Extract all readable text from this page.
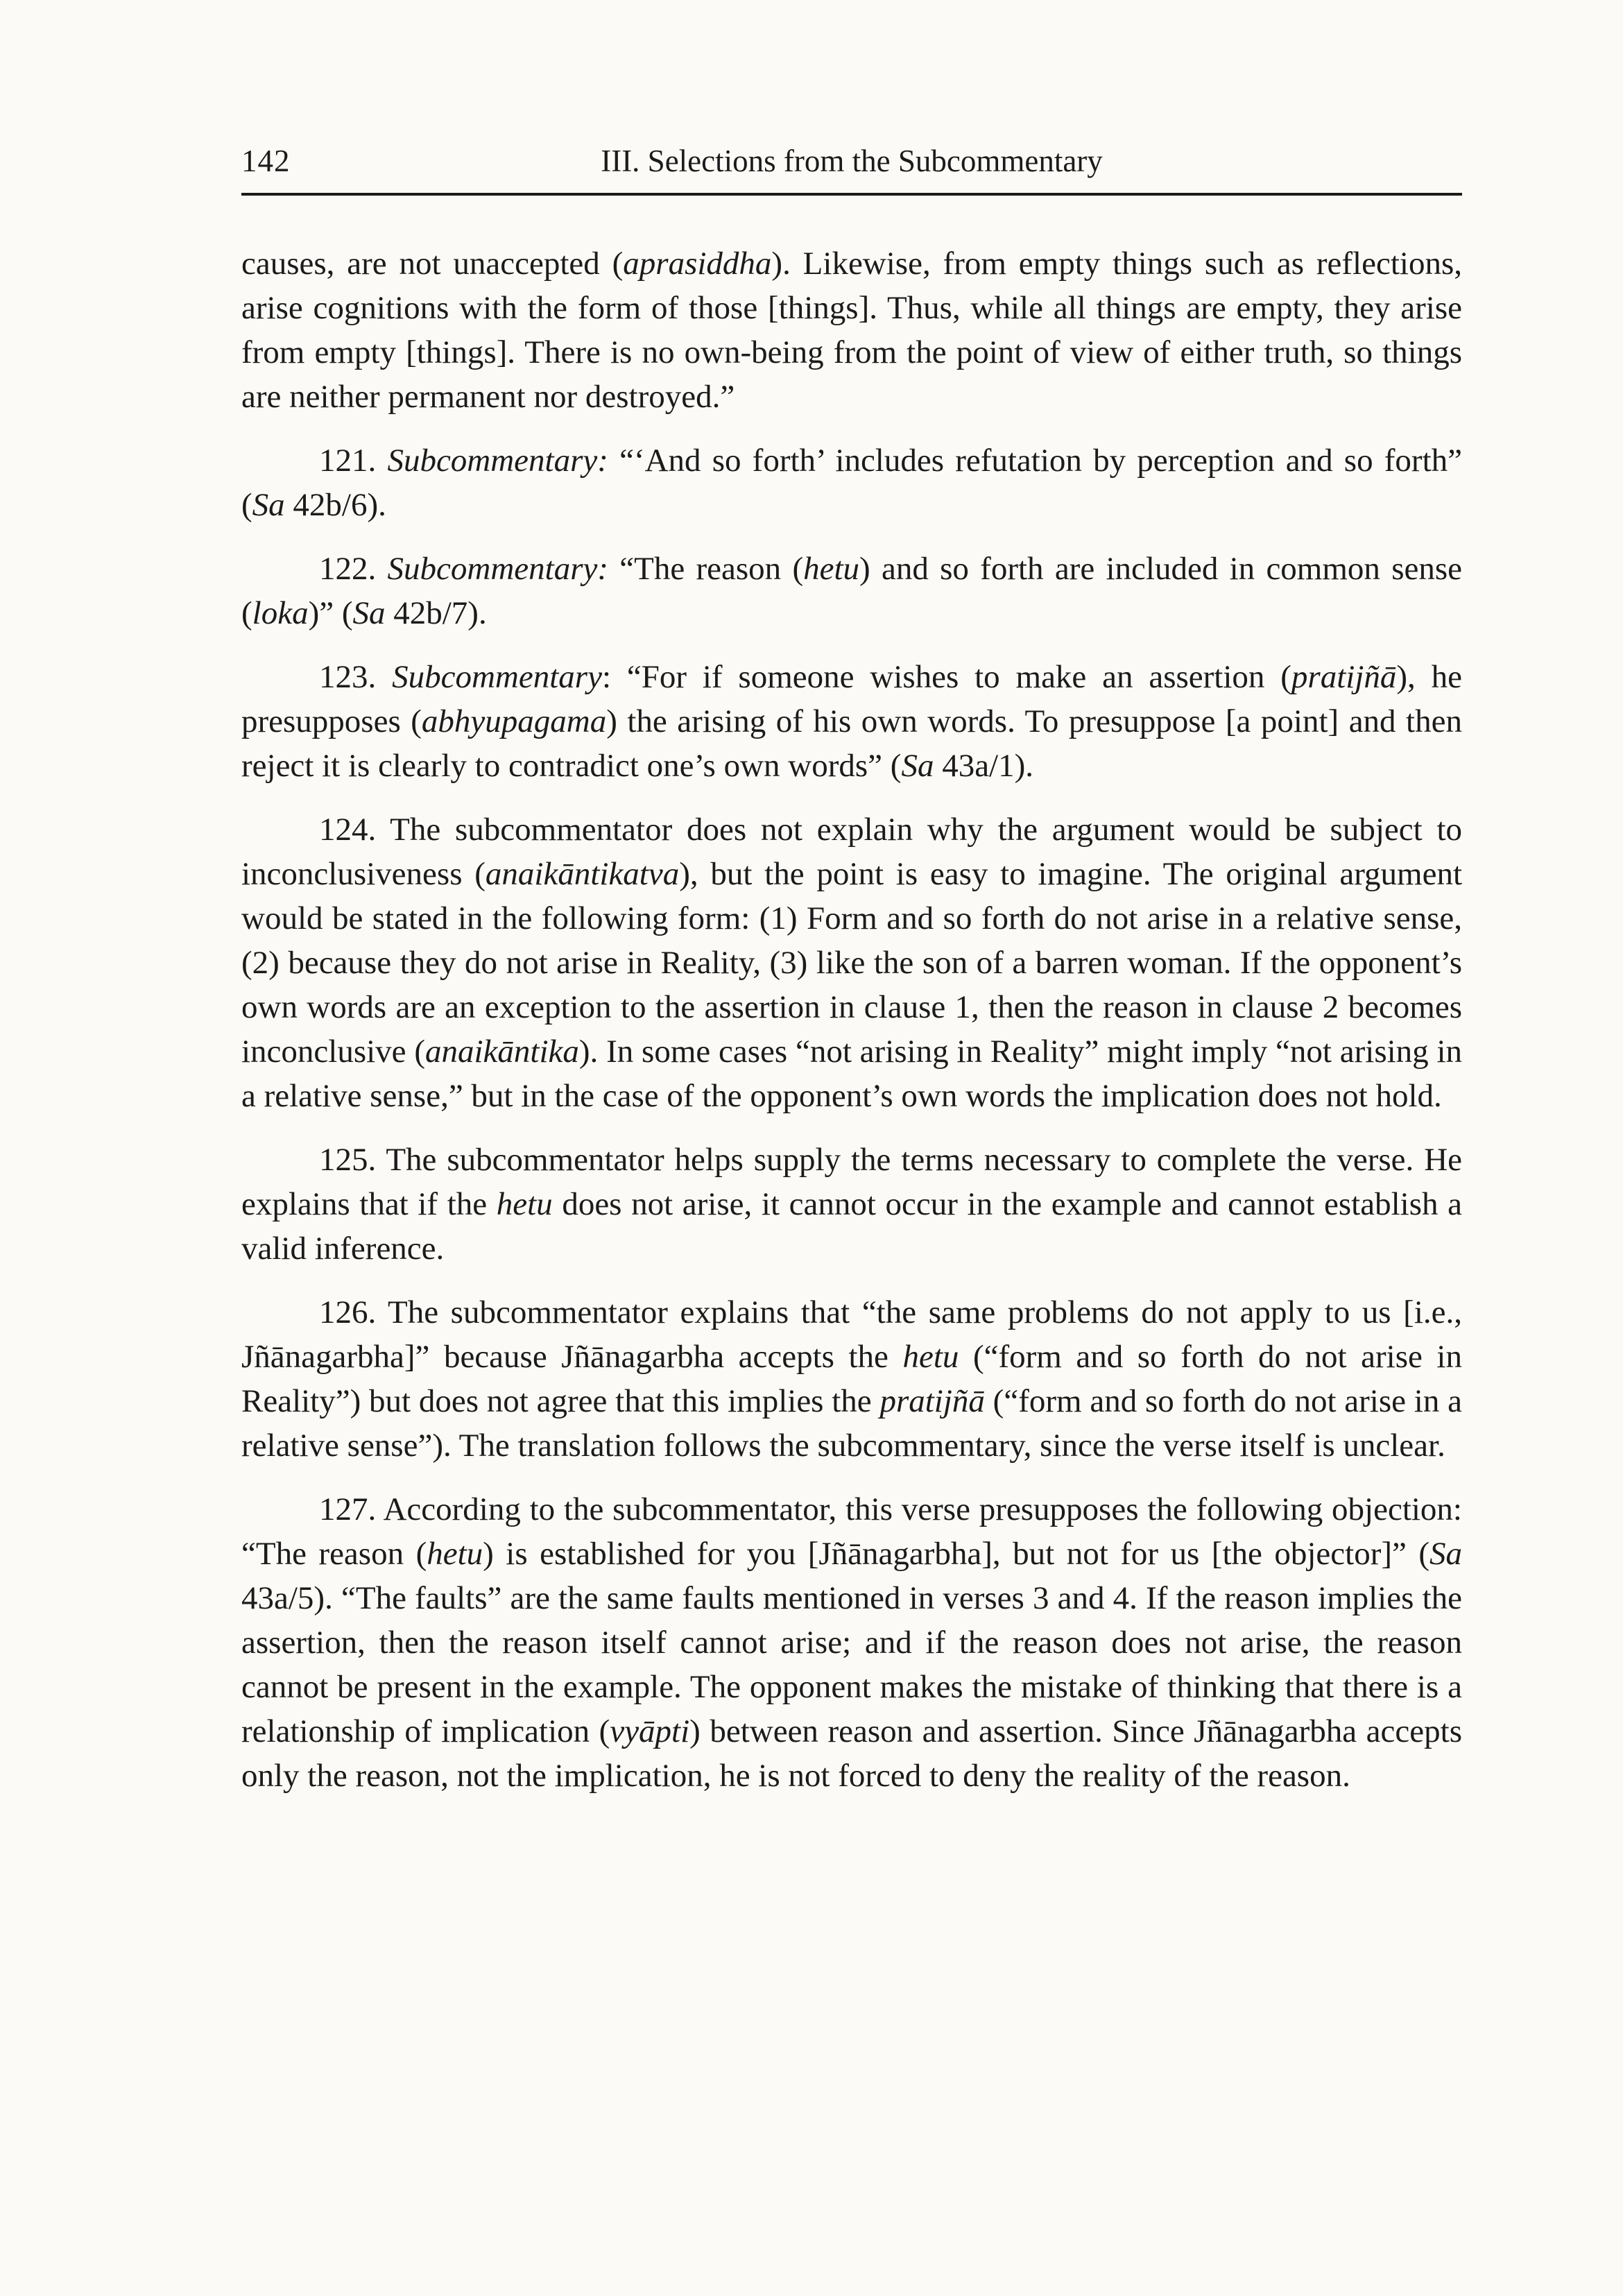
142	III. Selections from the Subcommentary

causes, are not unaccepted (aprasiddha). Likewise, from empty things such as reflections, arise cognitions with the form of those [things]. Thus, while all things are empty, they arise from empty [things]. There is no own-being from the point of view of either truth, so things are neither permanent nor destroyed.”

121. Subcommentary: “‘And so forth’ includes refutation by perception and so forth” (Sa 42b/6).

122. Subcommentary: “The reason (hetu) and so forth are included in common sense (loka)” (Sa 42b/7).

123. Subcommentary: “For if someone wishes to make an assertion (pratijñā), he presupposes (abhyupagama) the arising of his own words. To presuppose [a point] and then reject it is clearly to contradict one’s own words” (Sa 43a/1).

124. The subcommentator does not explain why the argument would be subject to inconclusiveness (anaikāntikatva), but the point is easy to imagine. The original argument would be stated in the following form: (1) Form and so forth do not arise in a relative sense, (2) because they do not arise in Reality, (3) like the son of a barren woman. If the opponent’s own words are an exception to the assertion in clause 1, then the reason in clause 2 becomes inconclusive (anaikāntika). In some cases “not arising in Reality” might imply “not arising in a relative sense,” but in the case of the opponent’s own words the implication does not hold.

125. The subcommentator helps supply the terms necessary to complete the verse. He explains that if the hetu does not arise, it cannot occur in the example and cannot establish a valid inference.

126. The subcommentator explains that “the same problems do not apply to us [i.e., Jñānagarbha]” because Jñānagarbha accepts the hetu (“form and so forth do not arise in Reality”) but does not agree that this implies the pratijñā (“form and so forth do not arise in a relative sense”). The translation follows the subcommentary, since the verse itself is unclear.

127. According to the subcommentator, this verse presupposes the following objection: “The reason (hetu) is established for you [Jñānagarbha], but not for us [the objector]” (Sa 43a/5). “The faults” are the same faults mentioned in verses 3 and 4. If the reason implies the assertion, then the reason itself cannot arise; and if the reason does not arise, the reason cannot be present in the example. The opponent makes the mistake of thinking that there is a relationship of implication (vyāpti) between reason and assertion. Since Jñānagarbha accepts only the reason, not the implication, he is not forced to deny the reality of the reason.
